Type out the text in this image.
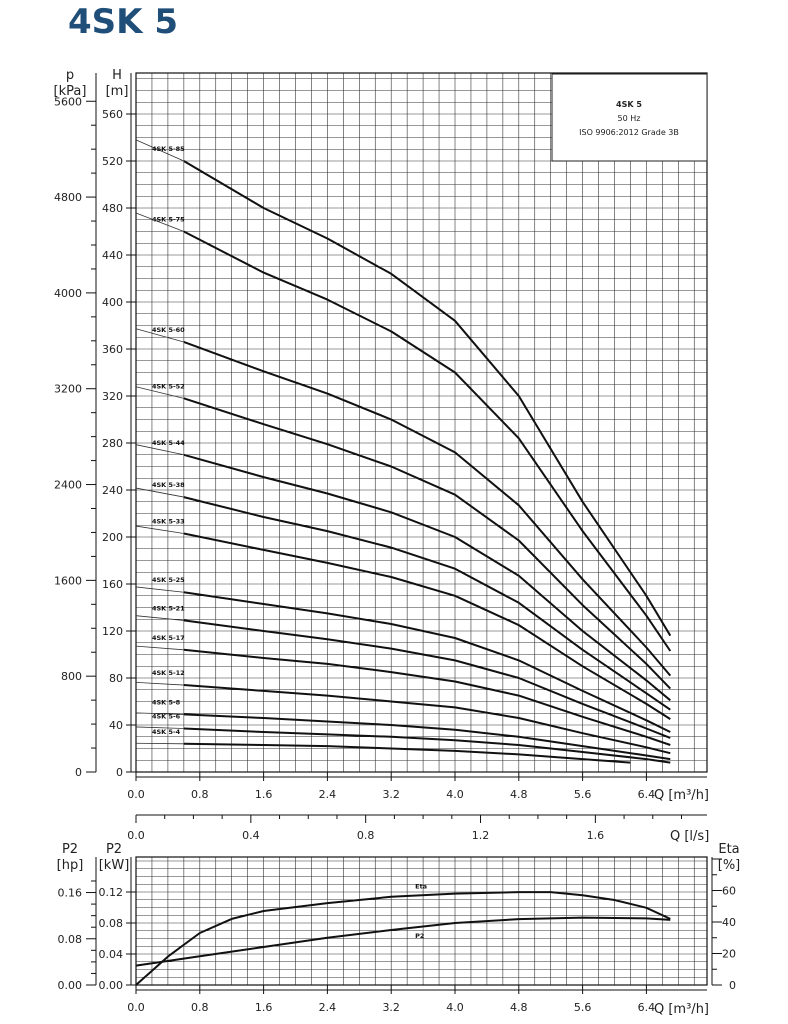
4SK 5
0
40
80
120
160
200
240
280
320
360
400
440
480
520
560
0
800
1600
2400
3200
4000
4800
5600
0.0	0.8	1.6	2.4	3.2	4.0	4.8	5.6	6.4
4SK 5-85
4SK 5-75
4SK 5-60
4SK 5-52
4SK 5-44
4SK 5-38
4SK 5-33
4SK 5-25
4SK 5-21
4SK 5-17
4SK 5-12
4SK 5-8
4SK 5-6
4SK 5-4
4SK 5
50 Hz
ISO 9906:2012 Grade 3B
p
[kPa]
H
[m]
Q [m³/h]
0.0	0.4	0.8	1.2	1.6	Q [l/s]
0.00
0.04
0.08
0.12
0.00
0.08
0.16
0
20
40
60
0.0	0.8	1.6	2.4	3.2	4.0	4.8	5.6	6.4
Eta
P2
P2
[hp]
P2
[kW]
Eta
[%]
Q [m³/h]
